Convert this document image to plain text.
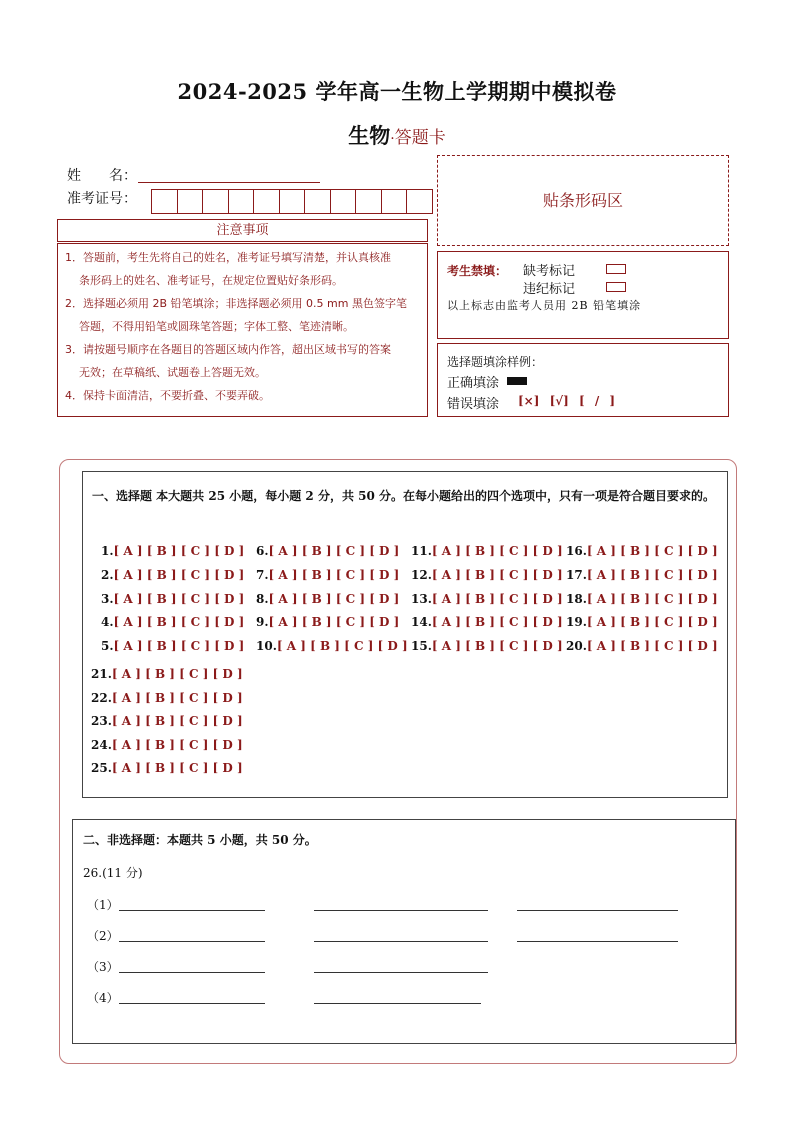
2024-2025 学年高一生物上学期期中模拟卷
生物·答题卡
姓　　名：
准考证号：
注意事项
1．答题前，考生先将自己的姓名，准考证号填写清楚，并认真核准
条形码上的姓名、准考证号，在规定位置贴好条形码。
2．选择题必须用 2B 铅笔填涂；非选择题必须用 0.5 mm 黑色签字笔
答题，不得用铅笔或圆珠笔答题；字体工整、笔迹清晰。
3．请按题号顺序在各题目的答题区域内作答，超出区域书写的答案
无效；在草稿纸、试题卷上答题无效。
4．保持卡面清洁，不要折叠、不要弄破。
贴条形码区
考生禁填： 缺考标记
违纪标记
以上标志由监考人员用 2B 铅笔填涂
选择题填涂样例：
正确填涂
错误填涂 [×] [√] [ / ]
一、选择题 本大题共 25 小题，每小题 2 分，共 50 分。在每小题给出的四个选项中，只有一项是符合题目要求的。
1.[ A ] [ B ] [ C ] [ D ]
2.[ A ] [ B ] [ C ] [ D ]
3.[ A ] [ B ] [ C ] [ D ]
4.[ A ] [ B ] [ C ] [ D ]
5.[ A ] [ B ] [ C ] [ D ]
6.[ A ] [ B ] [ C ] [ D ]
7.[ A ] [ B ] [ C ] [ D ]
8.[ A ] [ B ] [ C ] [ D ]
9.[ A ] [ B ] [ C ] [ D ]
10.[ A ] [ B ] [ C ] [ D ]
11.[ A ] [ B ] [ C ] [ D ]
12.[ A ] [ B ] [ C ] [ D ]
13.[ A ] [ B ] [ C ] [ D ]
14.[ A ] [ B ] [ C ] [ D ]
15.[ A ] [ B ] [ C ] [ D ]
16.[ A ] [ B ] [ C ] [ D ]
17.[ A ] [ B ] [ C ] [ D ]
18.[ A ] [ B ] [ C ] [ D ]
19.[ A ] [ B ] [ C ] [ D ]
20.[ A ] [ B ] [ C ] [ D ]
21.[ A ] [ B ] [ C ] [ D ]
22.[ A ] [ B ] [ C ] [ D ]
23.[ A ] [ B ] [ C ] [ D ]
24.[ A ] [ B ] [ C ] [ D ]
25.[ A ] [ B ] [ C ] [ D ]
二、非选择题：本题共 5 小题，共 50 分。
26.(11 分)
（1）
（2）
（3）
（4）
